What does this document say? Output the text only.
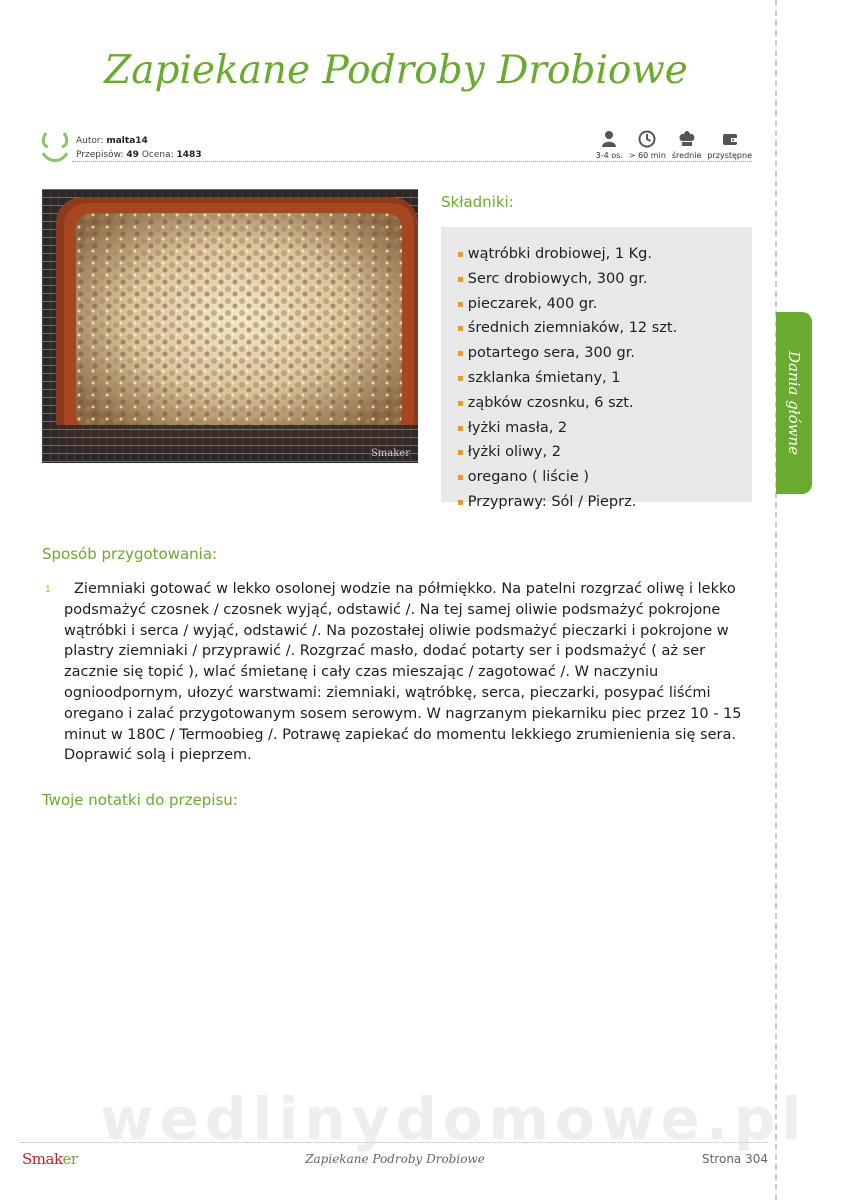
Dania główne
Zapiekane Podroby Drobiowe
Autor: malta14
Przepisów: 49 Ocena: 1483	3-4 os. > 60 min średnie przystępne
Smaker
Składniki:
▪ wątróbki drobiowej, 1 Kg.
▪ Serc drobiowych, 300 gr.
▪ pieczarek, 400 gr.
▪ średnich ziemniaków, 12 szt.
▪ potartego sera, 300 gr.
▪ szklanka śmietany, 1
▪ ząbków czosnku, 6 szt.
▪ łyżki masła, 2
▪ łyżki oliwy, 2
▪ oregano ( liście )
▪ Przyprawy: Sól / Pieprz.
Sposób przygotowania:
1	Ziemniaki gotować w lekko osolonej wodzie na półmiękko. Na patelni rozgrzać oliwę i lekko podsmażyć czosnek / czosnek wyjąć, odstawić /. Na tej samej oliwie podsmażyć pokrojone wątróbki i serca / wyjąć, odstawić /. Na pozostałej oliwie podsmażyć pieczarki i pokrojone w plastry ziemniaki / przyprawić /. Rozgrzać masło, dodać potarty ser i podsmażyć ( aż ser zacznie się topić ), wlać śmietanę i cały czas mieszając / zagotować /. W naczyniu ognioodpornym, ułozyć warstwami: ziemniaki, wątróbkę, serca, pieczarki, posypać liśćmi oregano i zalać przygotowanym sosem serowym. W nagrzanym piekarniku piec przez 10 - 15 minut w 180C / Termoobieg /. Potrawę zapiekać do momentu lekkiego zrumienienia się sera. Doprawić solą i pieprzem.

Twoje notatki do przepisu:
wedlinydomowe.pl
Smaker	Zapiekane Podroby Drobiowe	Strona 304
